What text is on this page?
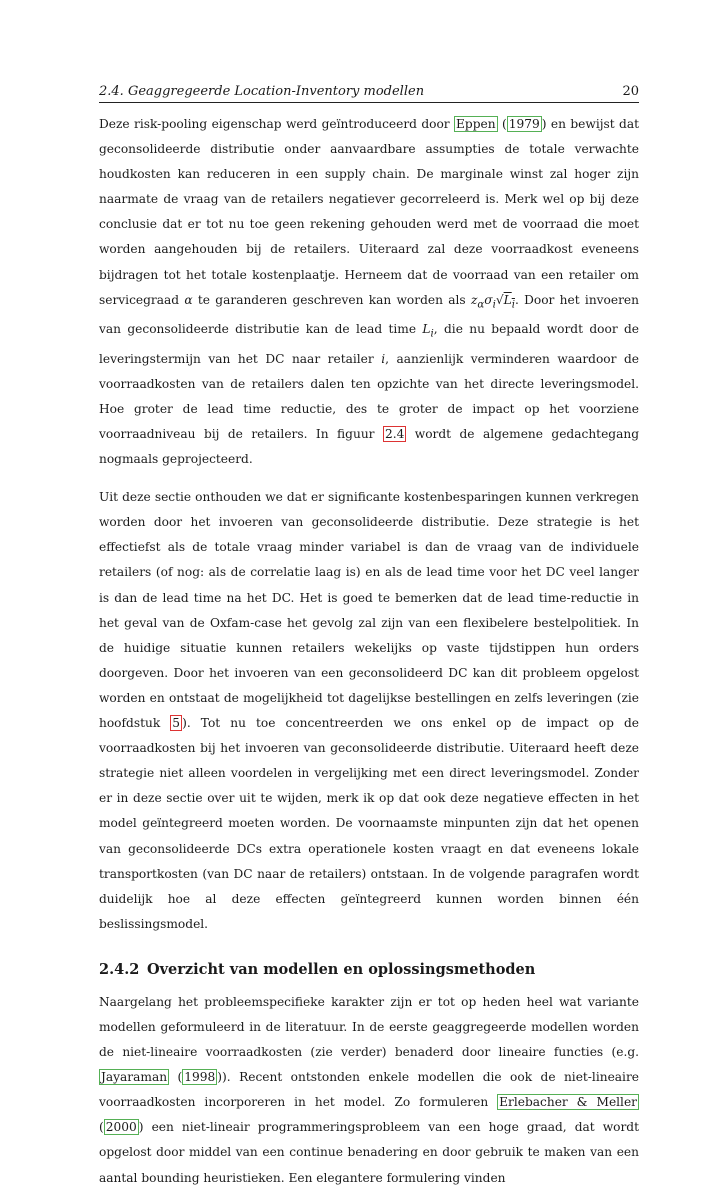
2.4. Geaggregeerde Location-Inventory modellen	20

Deze risk-pooling eigenschap werd geïntroduceerd door Eppen ( 1979 ) en bewijst dat geconsolideerde distributie onder aanvaardbare assumpties de totale verwachte houdkosten kan reduceren in een supply chain. De marginale winst zal hoger zijn naarmate de vraag van de retailers negatiever gecorreleerd is. Merk wel op bij deze conclusie dat er tot nu toe geen rekening gehouden werd met de voorraad die moet worden aangehouden bij de retailers. Uiteraard zal deze voorraadkost eveneens bijdragen tot het totale kostenplaatje. Herneem dat de voorraad van een retailer om servicegraad α te garanderen geschreven kan worden als $z_\alpha\sigma_i√L_i$. Door het invoeren van geconsolideerde distributie kan de lead time $L_i$, die nu bepaald wordt door de leveringstermijn van het DC naar retailer i, aanzienlijk verminderen waardoor de voorraadkosten van de retailers dalen ten opzichte van het directe leveringsmodel. Hoe groter de lead time reductie, des te groter de impact op het voorziene voorraadniveau bij de retailers. In figuur 2.4 wordt de algemene gedachtegang nogmaals geprojecteerd.

Uit deze sectie onthouden we dat er significante kostenbesparingen kunnen verkregen worden door het invoeren van geconsolideerde distributie. Deze strategie is het effectiefst als de totale vraag minder variabel is dan de vraag van de individuele retailers (of nog: als de correlatie laag is) en als de lead time voor het DC veel langer is dan de lead time na het DC. Het is goed te bemerken dat de lead time-reductie in het geval van de Oxfam-case het gevolg zal zijn van een flexibelere bestelpolitiek. In de huidige situatie kunnen retailers wekelijks op vaste tijdstippen hun orders doorgeven. Door het invoeren van een geconsolideerd DC kan dit probleem opgelost worden en ontstaat de mogelijkheid tot dagelijkse bestellingen en zelfs leveringen (zie hoofdstuk 5 ). Tot nu toe concentreerden we ons enkel op de impact op de voorraadkosten bij het invoeren van geconsolideerde distributie. Uiteraard heeft deze strategie niet alleen voordelen in vergelijking met een direct leveringsmodel. Zonder er in deze sectie over uit te wijden, merk ik op dat ook deze negatieve effecten in het model geïntegreerd moeten worden. De voornaamste minpunten zijn dat het openen van geconsolideerde DCs extra operationele kosten vraagt en dat eveneens lokale transportkosten (van DC naar de retailers) ontstaan. In de volgende paragrafen wordt duidelijk hoe al deze effecten geïntegreerd kunnen worden binnen één beslissingsmodel.

2.4.2 Overzicht van modellen en oplossingsmethoden

Naargelang het probleemspecifieke karakter zijn er tot op heden heel wat variante modellen geformuleerd in de literatuur. In de eerste geaggregeerde modellen worden de niet-lineaire voorraadkosten (zie verder) benaderd door lineaire functies (e.g. Jayaraman ( 1998 )). Recent ontstonden enkele modellen die ook de niet-lineaire voorraadkosten incorporeren in het model. Zo formuleren Erlebacher & Meller ( 2000 ) een niet-lineair programmeringsprobleem van een hoge graad, dat wordt opgelost door middel van een continue benadering en door gebruik te maken van een aantal bounding heuristieken. Een elegantere formulering vinden
